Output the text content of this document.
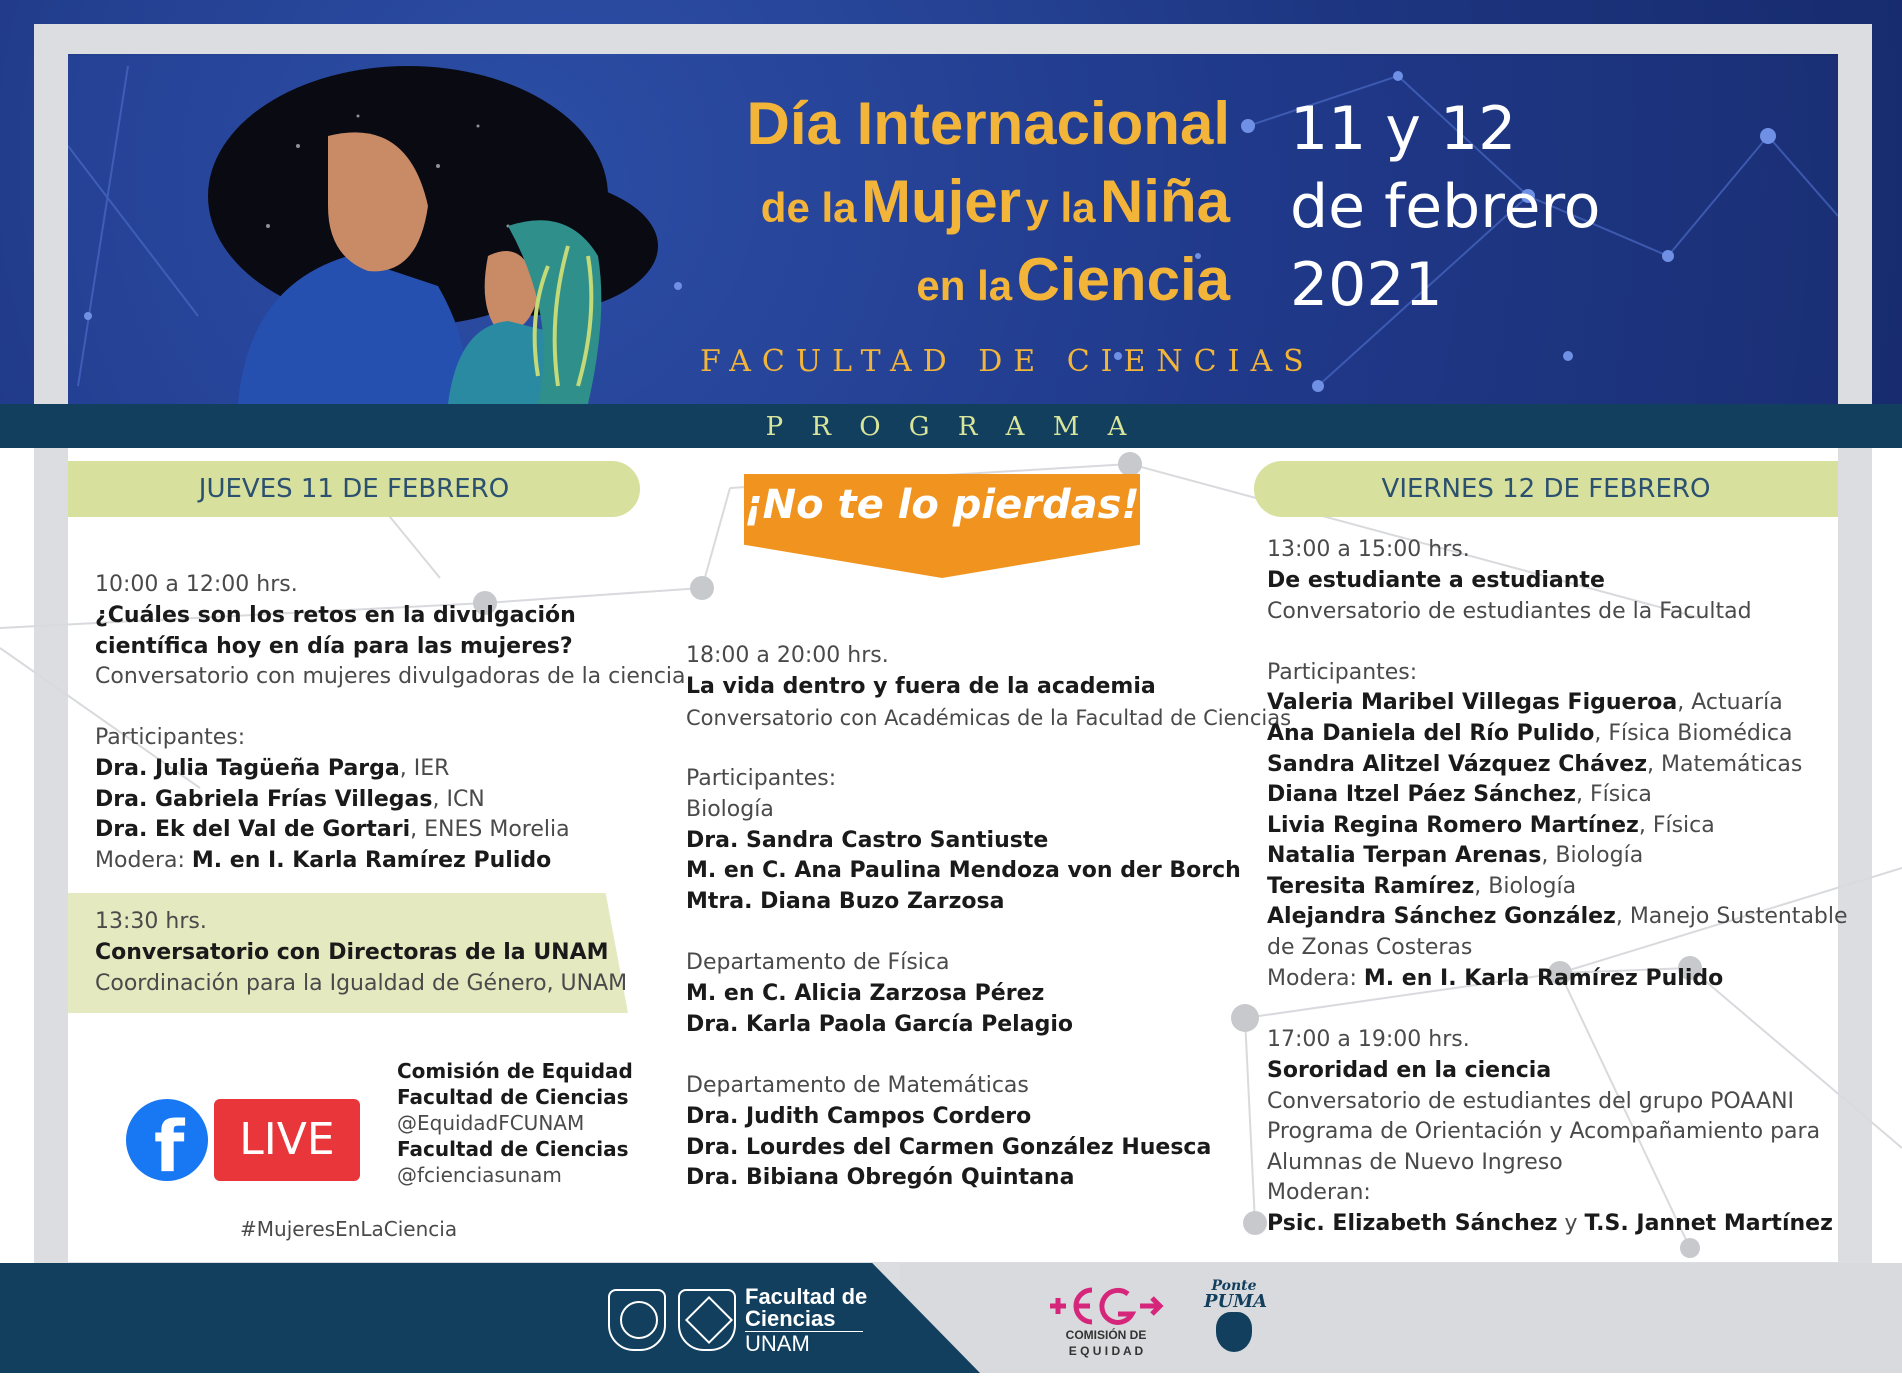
Día Internacional
de la Mujer y la Niña
en la Ciencia
FACULTAD DE CIENCIAS
11 y 12
de febrero
2021
P R O G R A M A
JUEVES 11 DE FEBRERO
10:00 a 12:00 hrs.
¿Cuáles son los retos en la divulgación
científica hoy en día para las mujeres?
Conversatorio con mujeres divulgadoras de la ciencia
Participantes:
Dra. Julia Tagüeña Parga, IER
Dra. Gabriela Frías Villegas, ICN
Dra. Ek del Val de Gortari, ENES Morelia
Modera: M. en I. Karla Ramírez Pulido
13:30 hrs.
Conversatorio con Directoras de la UNAM
Coordinación para la Igualdad de Género, UNAM
f	LIVE
Comisión de Equidad
Facultad de Ciencias
@EquidadFCUNAM
Facultad de Ciencias
@fcienciasunam
#MujeresEnLaCiencia
¡No te lo pierdas!
18:00 a 20:00 hrs.
La vida dentro y fuera de la academia
Conversatorio con Académicas de la Facultad de Ciencias
Participantes:
Biología
Dra. Sandra Castro Santiuste
M. en C. Ana Paulina Mendoza von der Borch
Mtra. Diana Buzo Zarzosa
Departamento de Física
M. en C. Alicia Zarzosa Pérez
Dra. Karla Paola García Pelagio
Departamento de Matemáticas
Dra. Judith Campos Cordero
Dra. Lourdes del Carmen González Huesca
Dra. Bibiana Obregón Quintana
VIERNES 12 DE FEBRERO
13:00 a 15:00 hrs.
De estudiante a estudiante
Conversatorio de estudiantes de la Facultad
Participantes:
Valeria Maribel Villegas Figueroa, Actuaría
Ana Daniela del Río Pulido, Física Biomédica
Sandra Alitzel Vázquez Chávez, Matemáticas
Diana Itzel Páez Sánchez, Física
Livia Regina Romero Martínez, Física
Natalia Terpan Arenas, Biología
Teresita Ramírez, Biología
Alejandra Sánchez González, Manejo Sustentable
de Zonas Costeras
Modera: M. en I. Karla Ramírez Pulido
17:00 a 19:00 hrs.
Sororidad en la ciencia
Conversatorio de estudiantes del grupo POAANI
Programa de Orientación y Acompañamiento para
Alumnas de Nuevo Ingreso
Moderan:
Psic. Elizabeth Sánchez y T.S. Jannet Martínez
Facultad de
Ciencias
UNAM	COMISIÓN DE
E Q U I D A D
Ponte
PUMA
